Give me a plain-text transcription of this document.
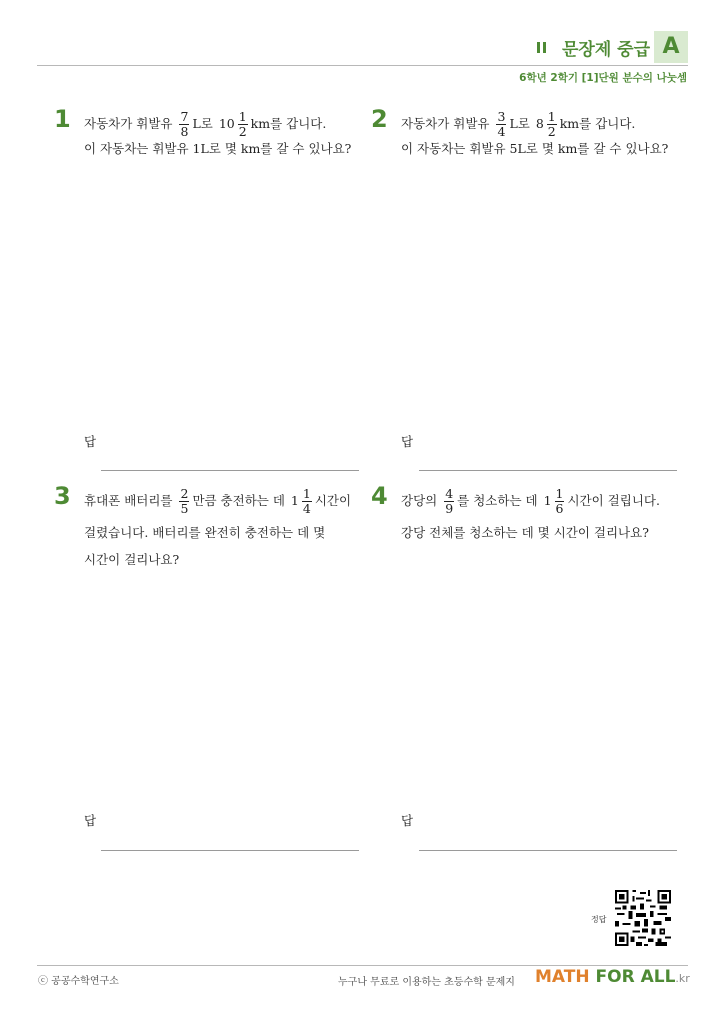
문장제 중급 A
6학년 2학기 [1]단원 분수의 나눗셈
1 자동차가 휘발유 $\frac{7}{8}$ L로 $10 \frac{1}{2}$ km를 갑니다.
이 자동차는 휘발유 1L로 몇 km를 갈 수 있나요?
답
2 자동차가 휘발유 $\frac{3}{4}$ L로 $8 \frac{1}{2}$ km를 갑니다.
이 자동차는 휘발유 5L로 몇 km를 갈 수 있나요?
답
3 휴대폰 배터리를 $\frac{2}{5}$ 만큼 충전하는 데 $1 \frac{1}{4}$ 시간이
걸렸습니다. 배터리를 완전히 충전하는 데 몇
시간이 걸리나요?
답
4 강당의 $\frac{4}{9}$ 를 청소하는 데 $1 \frac{1}{6}$ 시간이 걸립니다.
강당 전체를 청소하는 데 몇 시간이 걸리나요?
답
정답
ⓒ 공공수학연구소	누구나 무료로 이용하는 초등수학 문제지 MATH FOR ALL.kr
